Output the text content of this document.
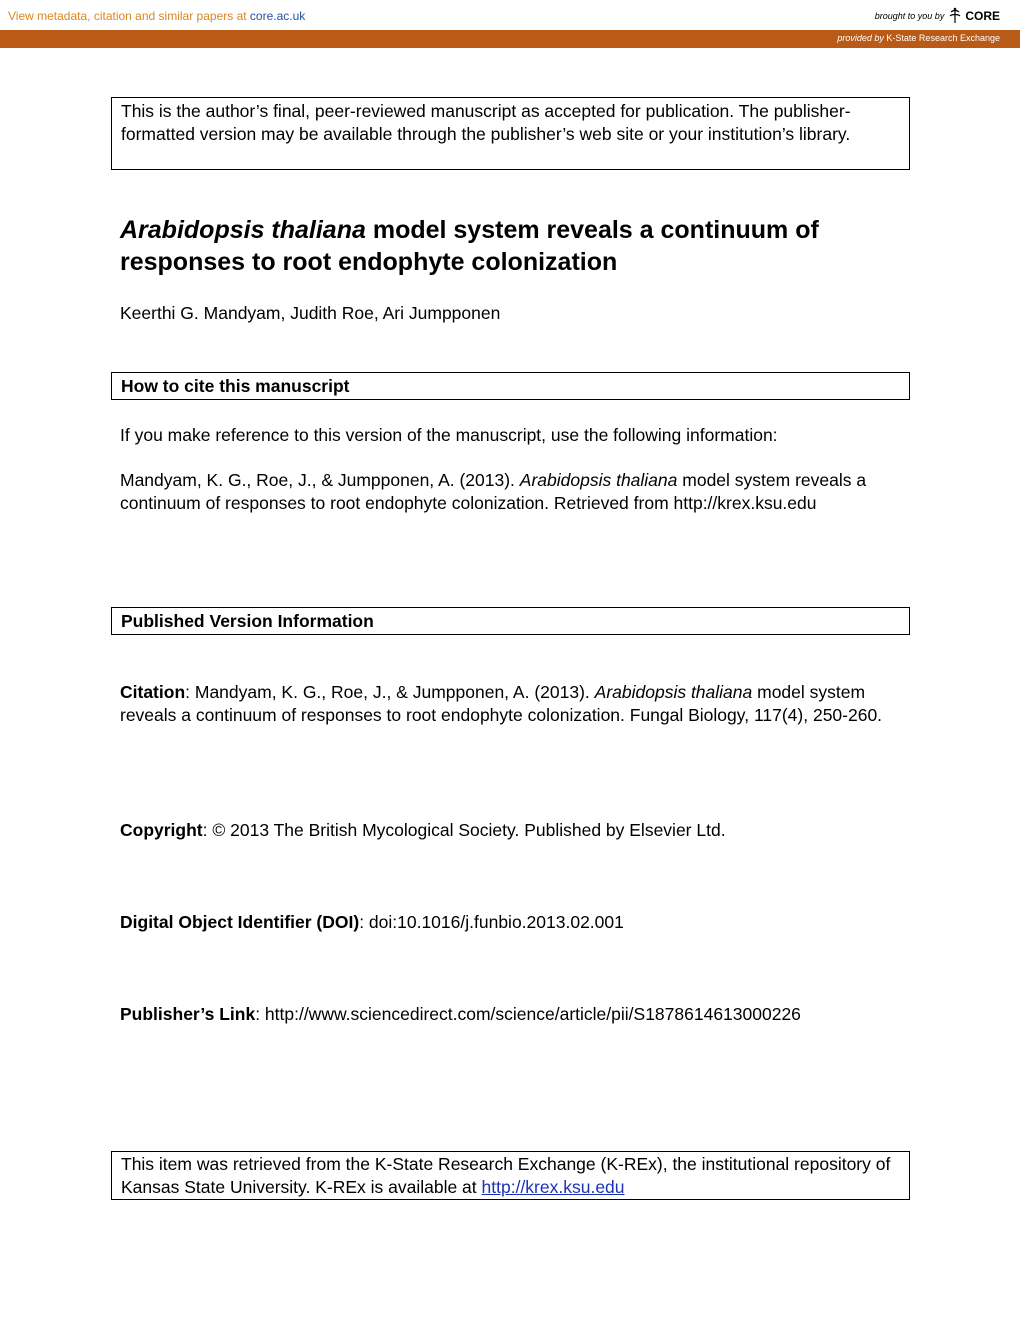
View metadata, citation and similar papers at core.ac.uk	brought to you by CORE
provided by K-State Research Exchange
This is the author’s final, peer-reviewed manuscript as accepted for publication. The publisher-formatted version may be available through the publisher’s web site or your institution’s library.
Arabidopsis thaliana model system reveals a continuum of responses to root endophyte colonization
Keerthi G. Mandyam, Judith Roe, Ari Jumpponen
How to cite this manuscript
If you make reference to this version of the manuscript, use the following information:
Mandyam, K. G., Roe, J., & Jumpponen, A. (2013). Arabidopsis thaliana model system reveals a continuum of responses to root endophyte colonization. Retrieved from http://krex.ksu.edu
Published Version Information
Citation: Mandyam, K. G., Roe, J., & Jumpponen, A. (2013). Arabidopsis thaliana model system reveals a continuum of responses to root endophyte colonization. Fungal Biology, 117(4), 250-260.
Copyright: © 2013 The British Mycological Society. Published by Elsevier Ltd.
Digital Object Identifier (DOI): doi:10.1016/j.funbio.2013.02.001
Publisher’s Link: http://www.sciencedirect.com/science/article/pii/S1878614613000226
This item was retrieved from the K-State Research Exchange (K-REx), the institutional repository of Kansas State University. K-REx is available at http://krex.ksu.edu
